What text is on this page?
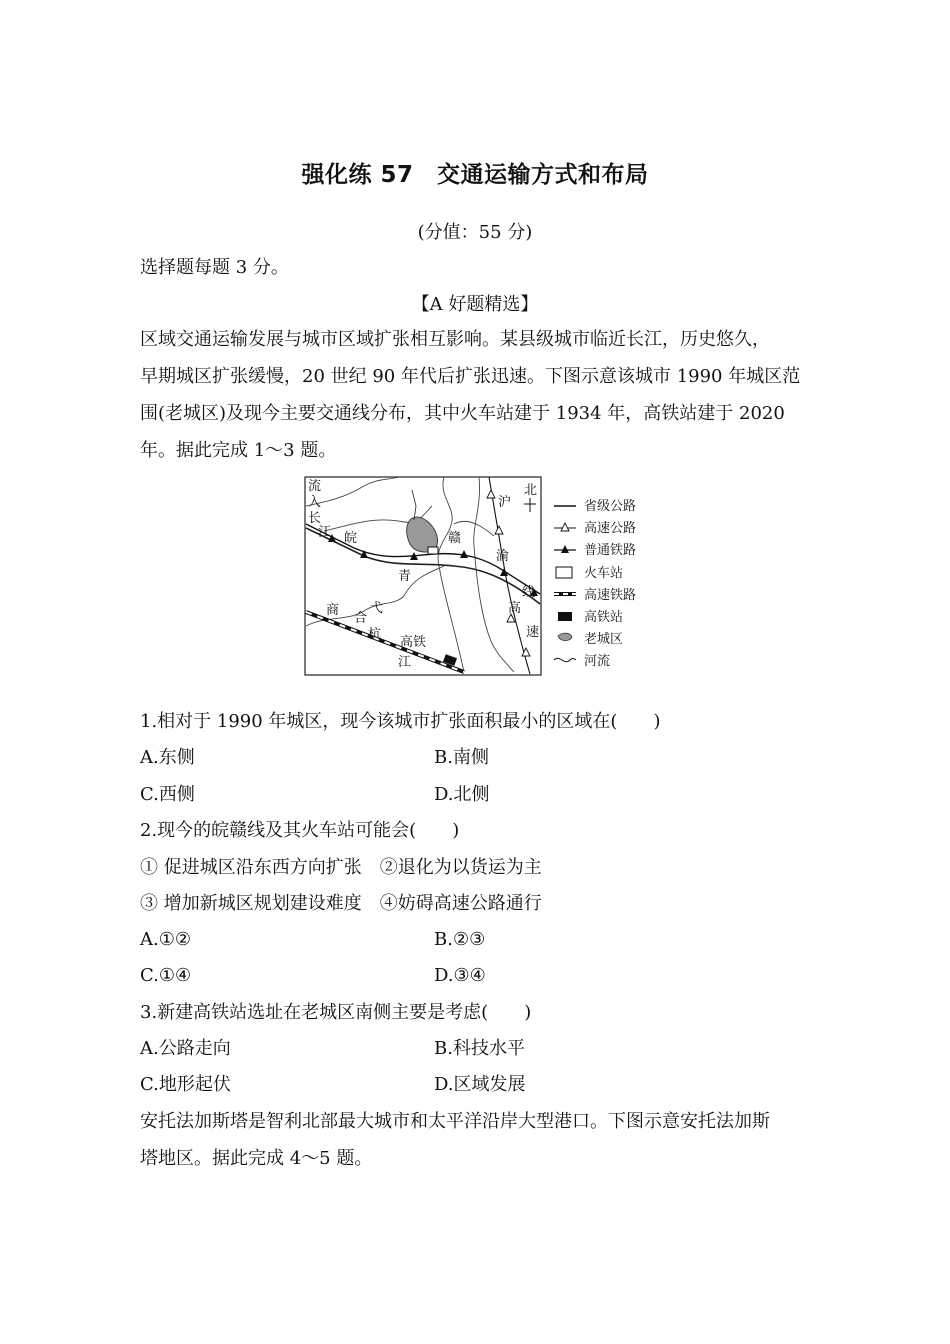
强化练 57　交通运输方式和布局
(分值：55 分)
选择题每题 3 分。
【A 好题精选】
区域交通运输发展与城市区域扩张相互影响。某县级城市临近长江，历史悠久，
早期城区扩张缓慢，20 世纪 90 年代后扩张迅速。下图示意该城市 1990 年城区范
围(老城区)及现今主要交通线分布，其中火车站建于 1934 年，高铁站建于 2020
年。据此完成 1～3 题。
流入长江 皖	赣
青
沪
渝
线
高
速
北
商
合
杭
高铁
江
弋
省级公路
高速公路
普通铁路
火车站
高速铁路
高铁站
老城区
河流
1.相对于 1990 年城区，现今该城市扩张面积最小的区域在(　　)
A.东侧	B.南侧
C.西侧	D.北侧
2.现今的皖赣线及其火车站可能会(　　)
① 促进城区沿东西方向扩张　②退化为以货运为主
③ 增加新城区规划建设难度　④妨碍高速公路通行
A.①②	B.②③
C.①④	D.③④
3.新建高铁站选址在老城区南侧主要是考虑(　　)
A.公路走向	B.科技水平
C.地形起伏	D.区域发展
安托法加斯塔是智利北部最大城市和太平洋沿岸大型港口。下图示意安托法加斯
塔地区。据此完成 4～5 题。
